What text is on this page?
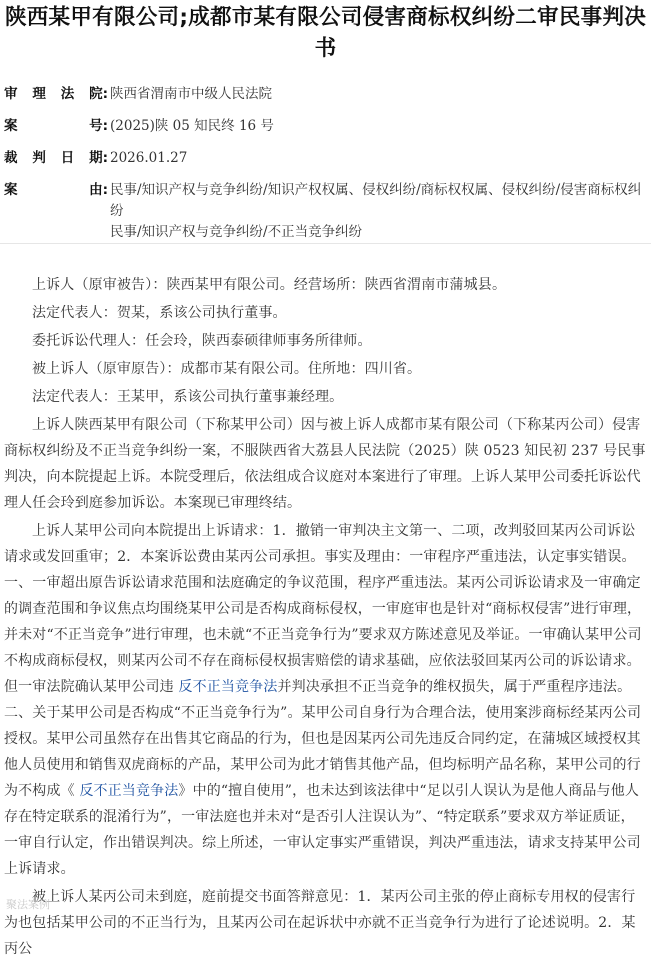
陕西某甲有限公司;成都市某有限公司侵害商标权纠纷二审民事判决书
审 理 法 院: 陕西省渭南市中级人民法院
案	号: (2025)陕 05 知民终 16 号
裁 判 日 期: 2026.01.27
案	由: 民事/知识产权与竞争纠纷/知识产权权属、侵权纠纷/商标权权属、侵权纠纷/侵害商标权纠纷
民事/知识产权与竞争纠纷/不正当竞争纠纷

上诉人（原审被告）：陕西某甲有限公司。经营场所：陕西省渭南市蒲城县。

法定代表人：贺某，系该公司执行董事。

委托诉讼代理人：任会玲，陕西泰硕律师事务所律师。

被上诉人（原审原告）：成都市某有限公司。住所地：四川省。

法定代表人：王某甲，系该公司执行董事兼经理。

上诉人陕西某甲有限公司（下称某甲公司）因与被上诉人成都市某有限公司（下称某丙公司）侵害商标权纠纷及不正当竞争纠纷一案，不服陕西省大荔县人民法院（2025）陕 0523 知民初 237 号民事判决，向本院提起上诉。本院受理后，依法组成合议庭对本案进行了审理。上诉人某甲公司委托诉讼代理人任会玲到庭参加诉讼。本案现已审理终结。

上诉人某甲公司向本院提出上诉请求：1．撤销一审判决主文第一、二项，改判驳回某丙公司诉讼请求或发回重审；2．本案诉讼费由某丙公司承担。事实及理由：一审程序严重违法，认定事实错误。一、一审超出原告诉讼请求范围和法庭确定的争议范围，程序严重违法。某丙公司诉讼请求及一审确定的调查范围和争议焦点均围绕某甲公司是否构成商标侵权，一审庭审也是针对“商标权侵害”进行审理，并未对“不正当竞争”进行审理，也未就“不正当竞争行为”要求双方陈述意见及举证。一审确认某甲公司不构成商标侵权，则某丙公司不存在商标侵权损害赔偿的请求基础，应依法驳回某丙公司的诉讼请求。但一审法院确认某甲公司违 反不正当竞争法并判决承担不正当竞争的维权损失，属于严重程序违法。二、关于某甲公司是否构成“不正当竞争行为”。某甲公司自身行为合理合法，使用案涉商标经某丙公司授权。某甲公司虽然存在出售其它商品的行为，但也是因某丙公司先违反合同约定，在蒲城区域授权其他人员使用和销售双虎商标的产品，某甲公司为此才销售其他产品，但均标明产品名称，某甲公司的行为不构成《 反不正当竞争法》中的“擅自使用”，也未达到该法律中“足以引人误认为是他人商品与他人存在特定联系的混淆行为”，一审法庭也并未对“是否引人注误认为”、“特定联系”要求双方举证质证，一审自行认定，作出错误判决。综上所述，一审认定事实严重错误，判决严重违法，请求支持某甲公司上诉请求。

被上诉人某丙公司未到庭，庭前提交书面答辩意见：1．某丙公司主张的停止商标专用权的侵害行为也包括某甲公司的不正当行为，且某丙公司在起诉状中亦就不正当竞争行为进行了论述说明。2．某丙公

聚法案例
